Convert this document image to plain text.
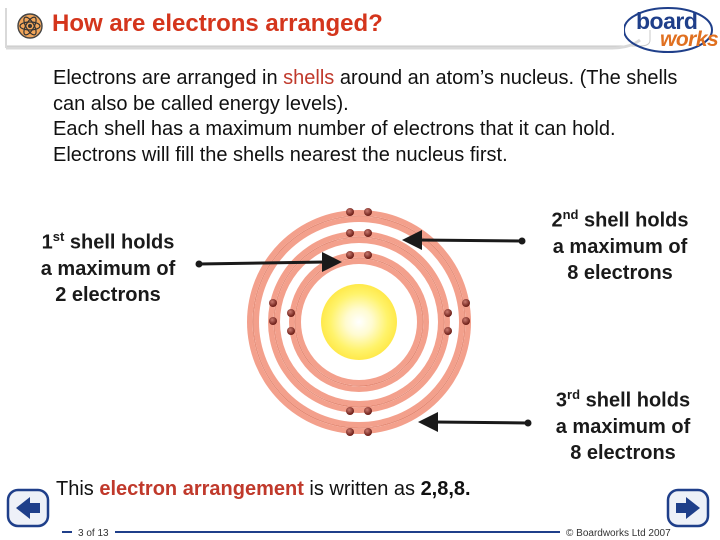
How are electrons arranged?	board
works

Electrons are arranged in shells around an atom’s nucleus. (The shells can also be called energy levels).

Each shell has a maximum number of electrons that it can hold. Electrons will fill the shells nearest the nucleus first.

1st shell holds
a maximum of
2 electrons
2nd shell holds
a maximum of
8 electrons
3rd shell holds
a maximum of
8 electrons
This electron arrangement is written as 2,8,8.
3 of 13	© Boardworks Ltd 2007
